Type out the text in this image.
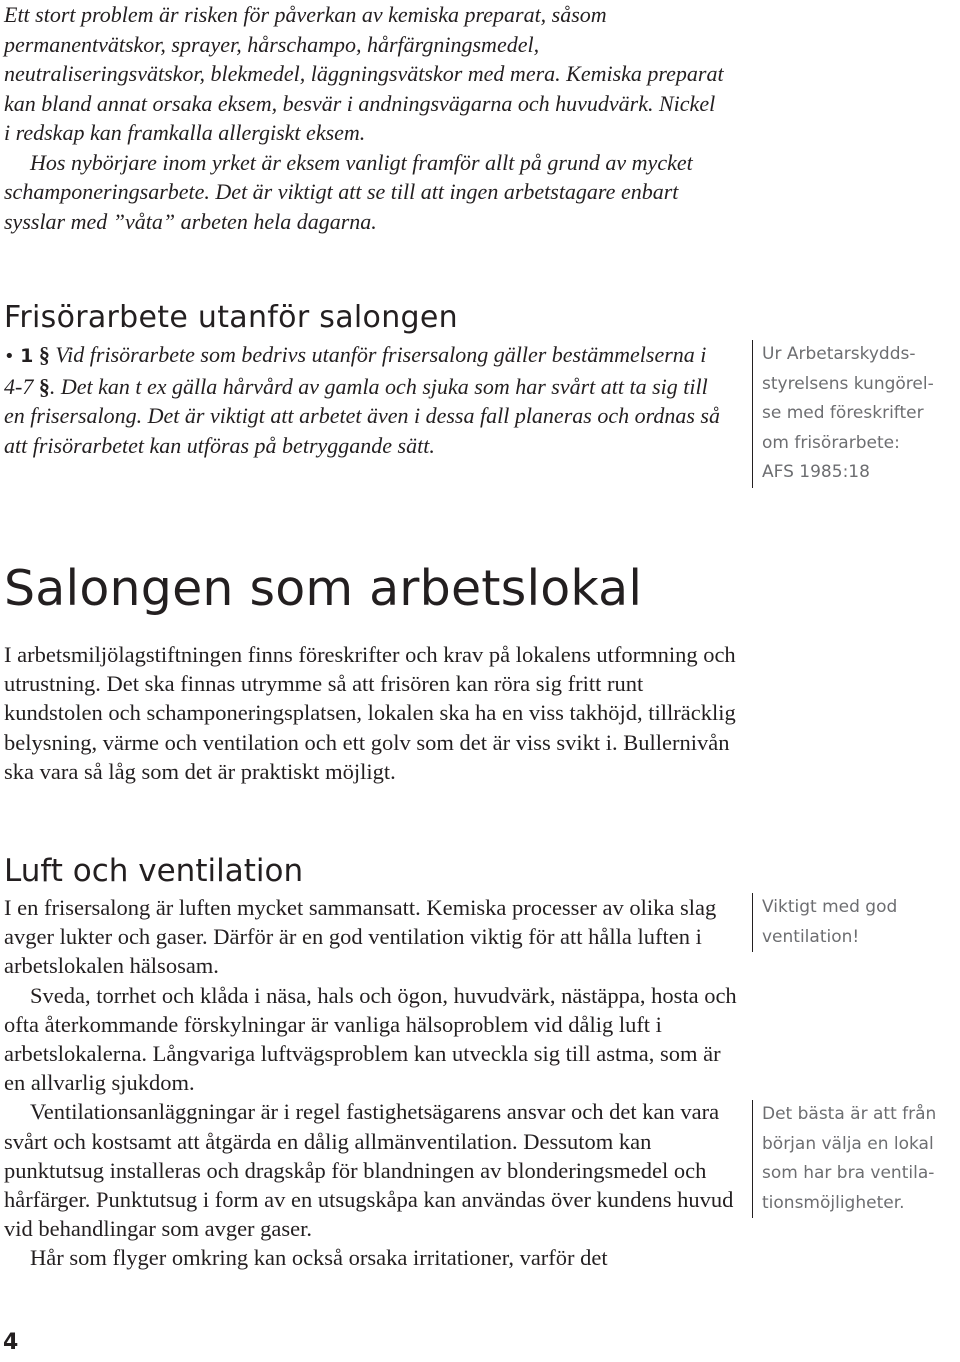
Ett stort problem är risken för påverkan av kemiska preparat, såsom permanentvätskor, sprayer, hårschampo, hårfärgningsmedel, neutraliseringsvätskor, blekmedel, läggningsvätskor med mera. Kemiska preparat kan bland annat orsaka eksem, besvär i andningsvägarna och huvudvärk. Nickel i redskap kan framkalla allergiskt eksem.

Hos nybörjare inom yrket är eksem vanligt framför allt på grund av mycket schamponeringsarbete. Det är viktigt att se till att ingen arbetstagare enbart sysslar med ”våta” arbeten hela dagarna.

Frisörarbete utanför salongen

• 1 § Vid frisörarbete som bedrivs utanför frisersalong gäller bestämmelserna i 4-7 §. Det kan t ex gälla hårvård av gamla och sjuka som har svårt att ta sig till en frisersalong. Det är viktigt att arbetet även i dessa fall planeras och ordnas så att frisörarbetet kan utföras på betryggande sätt.

Ur Arbetarskydds-
styrelsens kungörel-
se med föreskrifter
om frisörarbete:
AFS 1985:18
Salongen som arbetslokal

I arbetsmiljölagstiftningen finns föreskrifter och krav på lokalens utformning och utrustning. Det ska finnas utrymme så att frisören kan röra sig fritt runt kundstolen och schamponeringsplatsen, lokalen ska ha en viss takhöjd, tillräcklig belysning, värme och ventilation och ett golv som det är viss svikt i. Bullernivån ska vara så låg som det är praktiskt möjligt.

Luft och ventilation

I en frisersalong är luften mycket sammansatt. Kemiska processer av olika slag avger lukter och gaser. Därför är en god ventilation viktig för att hålla luften i arbetslokalen hälsosam.

Sveda, torrhet och klåda i näsa, hals och ögon, huvudvärk, nästäppa, hosta och ofta återkommande förskylningar är vanliga hälsoproblem vid dålig luft i arbetslokalerna. Långvariga luftvägsproblem kan utveckla sig till astma, som är en allvarlig sjukdom.

Ventilationsanläggningar är i regel fastighetsägarens ansvar och det kan vara svårt och kostsamt att åtgärda en dålig allmänventilation. Dessutom kan punktutsug installeras och dragskåp för blandningen av blonderingsmedel och hårfärger. Punktutsug i form av en utsugskåpa kan användas över kundens huvud vid behandlingar som avger gaser.

Hår som flyger omkring kan också orsaka irritationer, varför det

Viktigt med god
ventilation!
Det bästa är att från
början välja en lokal
som har bra ventila-
tionsmöjligheter.

4
